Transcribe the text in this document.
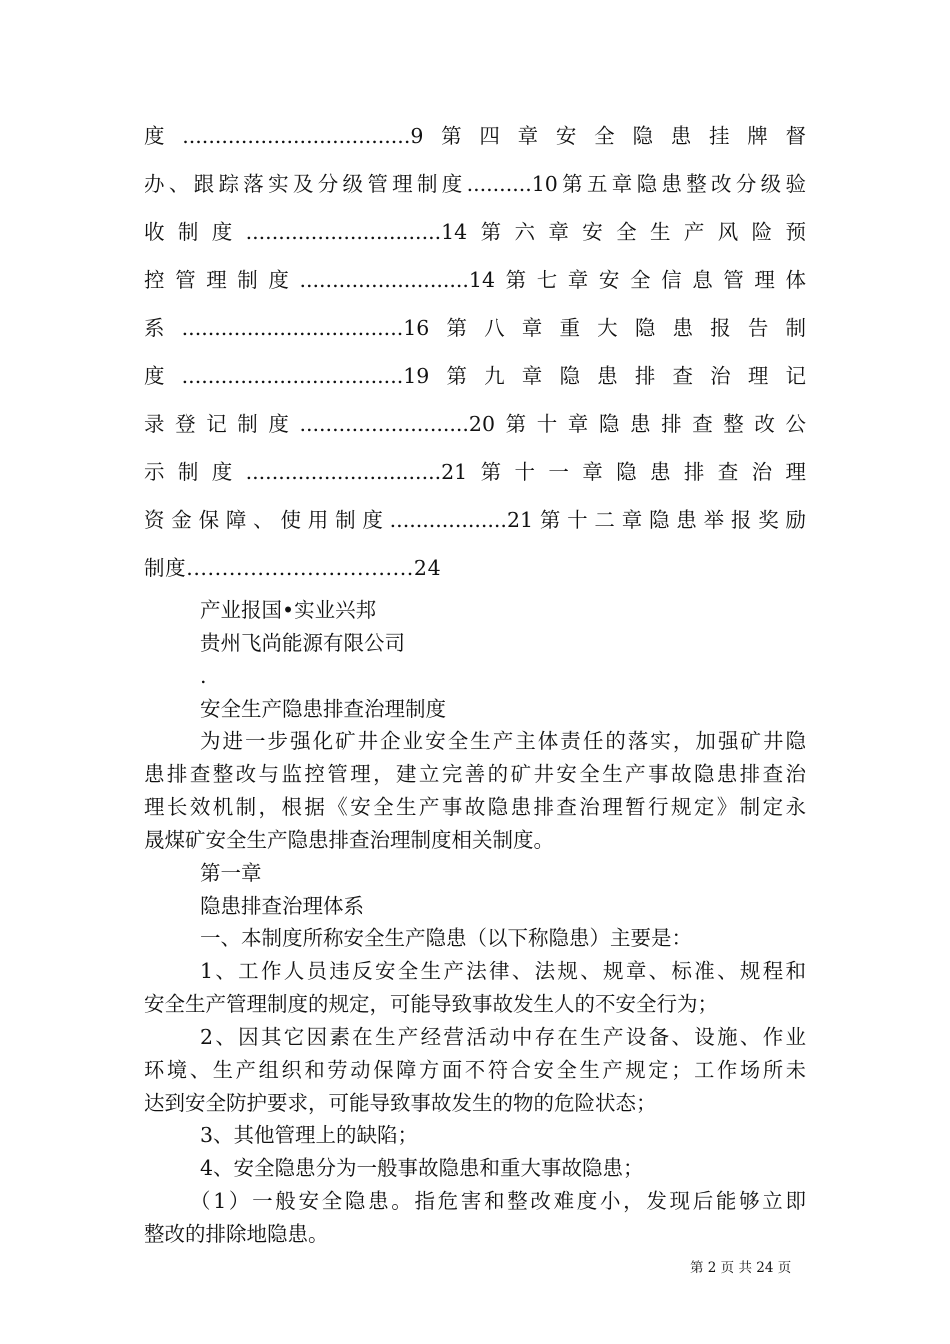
度...................................9第四章安全隐患挂牌督
办、跟踪落实及分级管理制度..........10第五章隐患整改分级验
收制度..............................14第六章安全生产风险预
控管理制度..........................14第七章安全信息管理体
系..................................16第八章重大隐患报告制
度..................................19第九章隐患排查治理记
录登记制度..........................20第十章隐患排查整改公
示制度..............................21第十一章隐患排查治理
资金保障、使用制度..................21第十二章隐患举报奖励
制度................................24
产业报国•实业兴邦
贵州飞尚能源有限公司
.
安全生产隐患排查治理制度
为进一步强化矿井企业安全生产主体责任的落实，加强矿井隐
患排查整改与监控管理，建立完善的矿井安全生产事故隐患排查治
理长效机制，根据《安全生产事故隐患排查治理暂行规定》制定永
晟煤矿安全生产隐患排查治理制度相关制度。
第一章
隐患排查治理体系
一、本制度所称安全生产隐患（以下称隐患）主要是：
1、工作人员违反安全生产法律、法规、规章、标准、规程和
安全生产管理制度的规定，可能导致事故发生人的不安全行为；
2、因其它因素在生产经营活动中存在生产设备、设施、作业
环境、生产组织和劳动保障方面不符合安全生产规定；工作场所未
达到安全防护要求，可能导致事故发生的物的危险状态；
3、其他管理上的缺陷；
4、安全隐患分为一般事故隐患和重大事故隐患；
（1）一般安全隐患。指危害和整改难度小，发现后能够立即
整改的排除地隐患。
第 2 页 共 24 页
